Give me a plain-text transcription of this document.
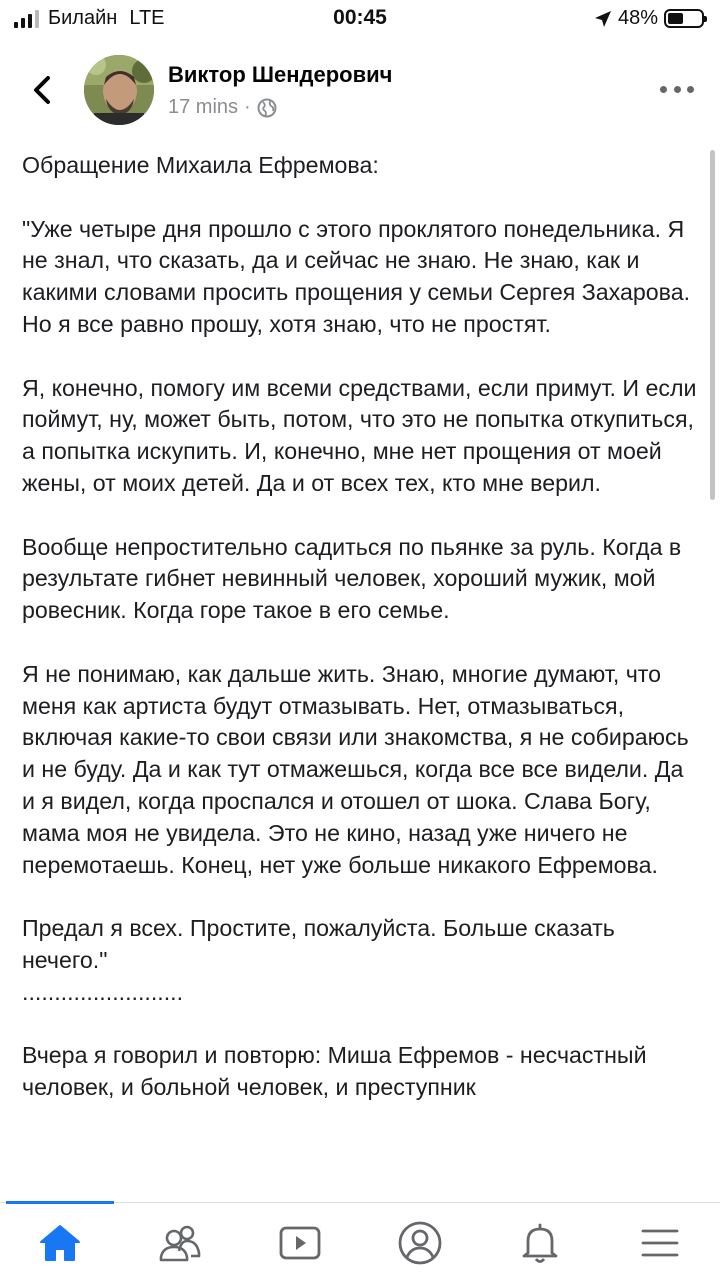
Билайн LTE	00:45	48%
Виктор Шендерович
17 mins ·

Обращение Михаила Ефремова:

"Уже четыре дня прошло с этого проклятого понедельника. Я не знал, что сказать, да и сейчас не знаю. Не знаю, как и какими словами просить прощения у семьи Сергея Захарова. Но я все равно прошу, хотя знаю, что не простят.

Я, конечно, помогу им всеми средствами, если примут. И если поймут, ну, может быть, потом, что это не попытка откупиться, а попытка искупить. И, конечно, мне нет прощения от моей жены, от моих детей. Да и от всех тех, кто мне верил.

Вообще непростительно садиться по пьянке за руль. Когда в результате гибнет невинный человек, хороший мужик, мой ровесник. Когда горе такое в его семье.

Я не понимаю, как дальше жить. Знаю, многие думают, что меня как артиста будут отмазывать. Нет, отмазываться, включая какие-то свои связи или знакомства, я не собираюсь и не буду. Да и как тут отмажешься, когда все все видели. Да и я видел, когда проспался и отошел от шока. Слава Богу, мама моя не увидела. Это не кино, назад уже ничего не перемотаешь. Конец, нет уже больше никакого Ефремова.

Предал я всех. Простите, пожалуйста. Больше сказать нечего."
.........................

Вчера я говорил и повторю: Миша Ефремов - несчастный человек, и больной человек, и преступник
